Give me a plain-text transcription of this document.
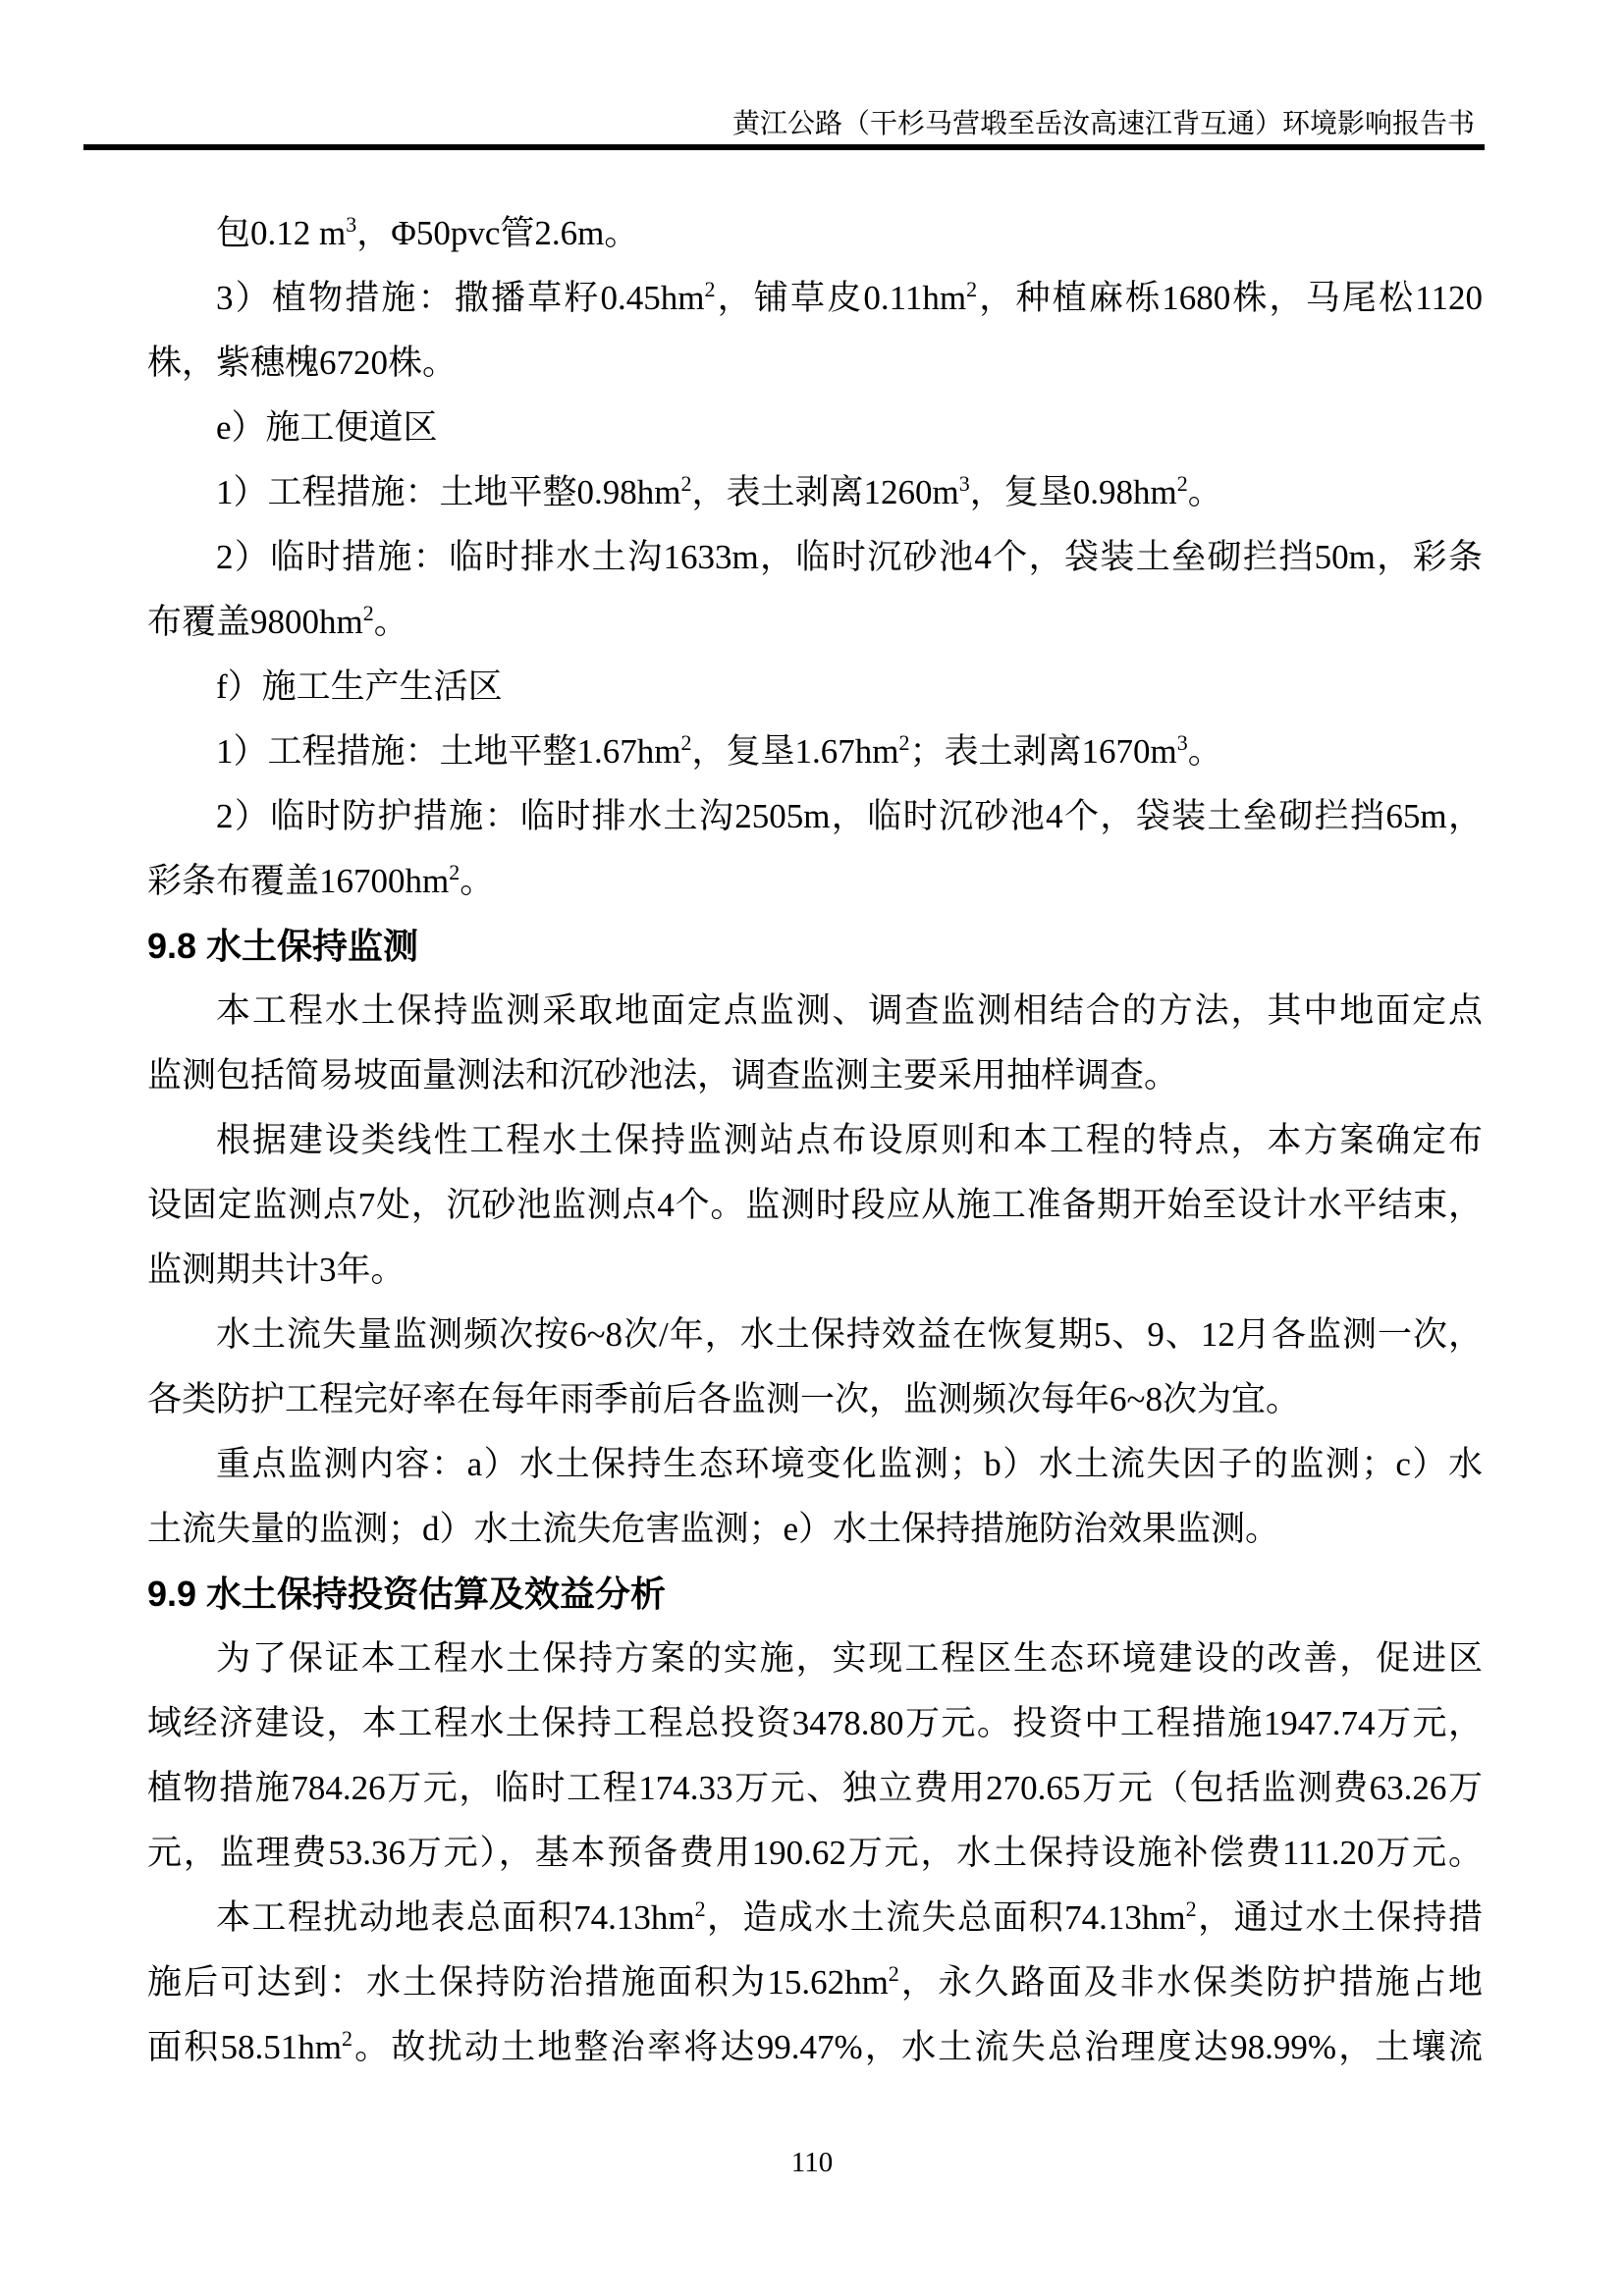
黄江公路（干杉马营塅至岳汝高速江背互通）环境影响报告书
包0.12 $m^3$，Φ50pvc管2.6m。
3）植物措施：撒播草籽$0.45hm^2$，铺草皮$0.11hm^2$，种植麻栎1680株，马尾松1120
株，紫穗槐6720株。
e）施工便道区
1）工程措施：土地平整$0.98hm^2$，表土剥离$1260m^3$，复垦$0.98hm^2$。
2）临时措施：临时排水土沟1633m，临时沉砂池4个，袋装土垒砌拦挡50m，彩条
布覆盖$9800hm^2$。
f）施工生产生活区
1）工程措施：土地平整$1.67hm^2$，复垦$1.67hm^2$；表土剥离$1670m^3$。
2）临时防护措施：临时排水土沟2505m，临时沉砂池4个，袋装土垒砌拦挡65m，
彩条布覆盖$16700hm^2$。
9.8 水土保持监测
本工程水土保持监测采取地面定点监测、调查监测相结合的方法，其中地面定点
监测包括简易坡面量测法和沉砂池法，调查监测主要采用抽样调查。
根据建设类线性工程水土保持监测站点布设原则和本工程的特点，本方案确定布
设固定监测点7处，沉砂池监测点4个。监测时段应从施工准备期开始至设计水平结束，
监测期共计3年。
水土流失量监测频次按6~8次/年，水土保持效益在恢复期5、9、12月各监测一次，
各类防护工程完好率在每年雨季前后各监测一次，监测频次每年6~8次为宜。
重点监测内容：a）水土保持生态环境变化监测；b）水土流失因子的监测；c）水
土流失量的监测；d）水土流失危害监测；e）水土保持措施防治效果监测。
9.9 水土保持投资估算及效益分析
为了保证本工程水土保持方案的实施，实现工程区生态环境建设的改善，促进区
域经济建设，本工程水土保持工程总投资3478.80万元。投资中工程措施1947.74万元，
植物措施784.26万元，临时工程174.33万元、独立费用270.65万元（包括监测费63.26万
元，监理费53.36万元），基本预备费用190.62万元，水土保持设施补偿费111.20万元。
本工程扰动地表总面积$74.13hm^2$，造成水土流失总面积$74.13hm^2$，通过水土保持措
施后可达到：水土保持防治措施面积为$15.62hm^2$，永久路面及非水保类防护措施占地
面积$58.51hm^2$。故扰动土地整治率将达99.47%，水土流失总治理度达98.99%，土壤流
110
